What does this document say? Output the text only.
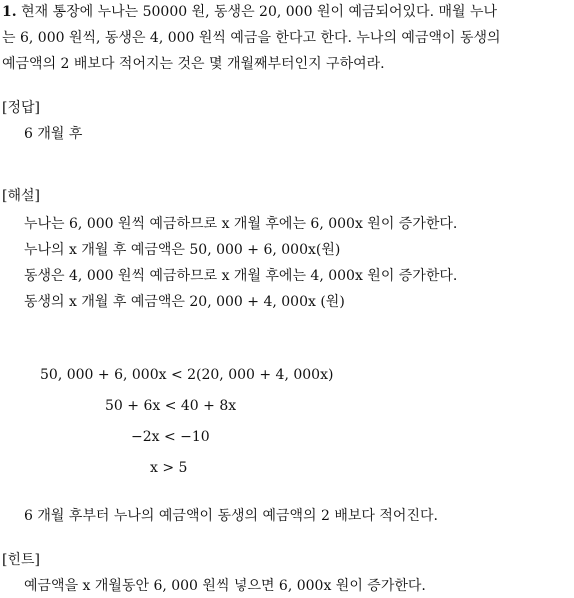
1. 현재 통장에 누나는 50000 원, 동생은 20, 000 원이 예금되어있다. 매월 누나
는 6, 000 원씩, 동생은 4, 000 원씩 예금을 한다고 한다. 누나의 예금액이 동생의
예금액의 2 배보다 적어지는 것은 몇 개월째부터인지 구하여라.
[정답]
6 개월 후
[해설]
누나는 6, 000 원씩 예금하므로 x 개월 후에는 6, 000x 원이 증가한다.
누나의 x 개월 후 예금액은 50, 000 + 6, 000x(원)
동생은 4, 000 원씩 예금하므로 x 개월 후에는 4, 000x 원이 증가한다.
동생의 x 개월 후 예금액은 20, 000 + 4, 000x (원)
50, 000 + 6, 000x < 2(20, 000 + 4, 000x)
50 + 6x < 40 + 8x
−2x < −10
x > 5
6 개월 후부터 누나의 예금액이 동생의 예금액의 2 배보다 적어진다.
[힌트]
예금액을 x 개월동안 6, 000 원씩 넣으면 6, 000x 원이 증가한다.
